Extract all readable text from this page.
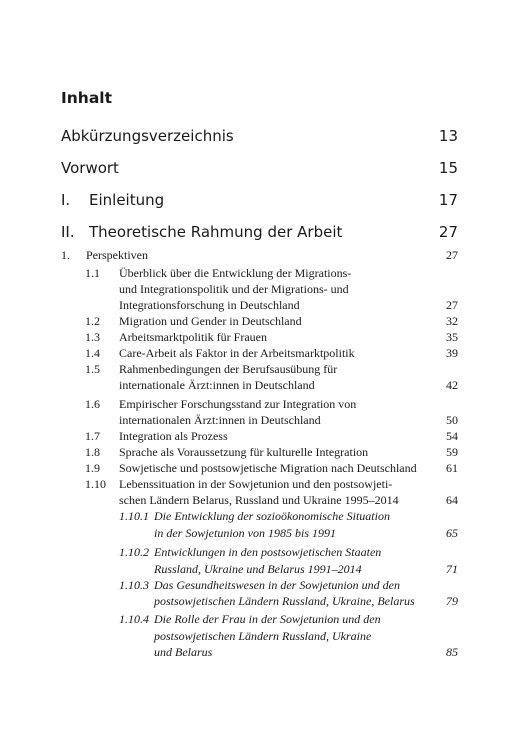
Inhalt
Abkürzungsverzeichnis	13
Vorwort	15
I. Einleitung	17
II. Theoretische Rahmung der Arbeit	27
1. Perspektiven	27
1.1 Überblick über die Entwicklung der Migrations-
und Integrationspolitik und der Migrations- und
Integrationsforschung in Deutschland	27
1.2 Migration und Gender in Deutschland	32
1.3 Arbeitsmarktpolitik für Frauen	35
1.4 Care-Arbeit als Faktor in der Arbeitsmarktpolitik	39
1.5 Rahmenbedingungen der Berufsausübung für
internationale Ärzt:innen in Deutschland	42
1.6 Empirischer Forschungsstand zur Integration von
internationalen Ärzt:innen in Deutschland	50
1.7 Integration als Prozess	54
1.8 Sprache als Voraussetzung für kulturelle Integration	59
1.9 Sowjetische und postsowjetische Migration nach Deutschland 61
1.10 Lebenssituation in der Sowjetunion und den postsowjeti-
schen Ländern Belarus, Russland und Ukraine 1995–2014	64
1.10.1 Die Entwicklung der sozioökonomische Situation
in der Sowjetunion von 1985 bis 1991	65
1.10.2 Entwicklungen in den postsowjetischen Staaten
Russland, Ukraine und Belarus 1991–2014	71
1.10.3 Das Gesundheitswesen in der Sowjetunion und den
postsowjetischen Ländern Russland, Ukraine, Belarus	79
1.10.4 Die Rolle der Frau in der Sowjetunion und den
postsowjetischen Ländern Russland, Ukraine
und Belarus	85
